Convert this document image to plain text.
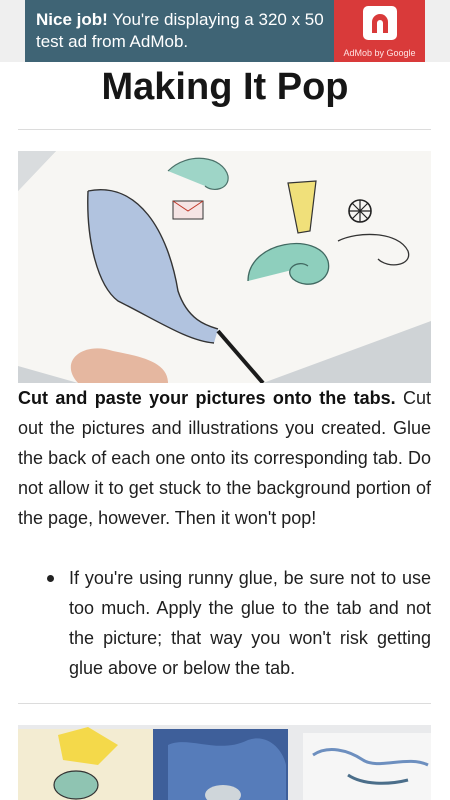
Nice job! You're displaying a 320 x 50 test ad from AdMob.
AdMob by Google
Making It Pop

Cut and paste your pictures onto the tabs. Cut out the pictures and illustrations you created. Glue the back of each one onto its corresponding tab. Do not allow it to get stuck to the background portion of the page, however. Then it won't pop!

If you're using runny glue, be sure not to use too much. Apply the glue to the tab and not the picture; that way you won't risk getting glue above or below the tab.
